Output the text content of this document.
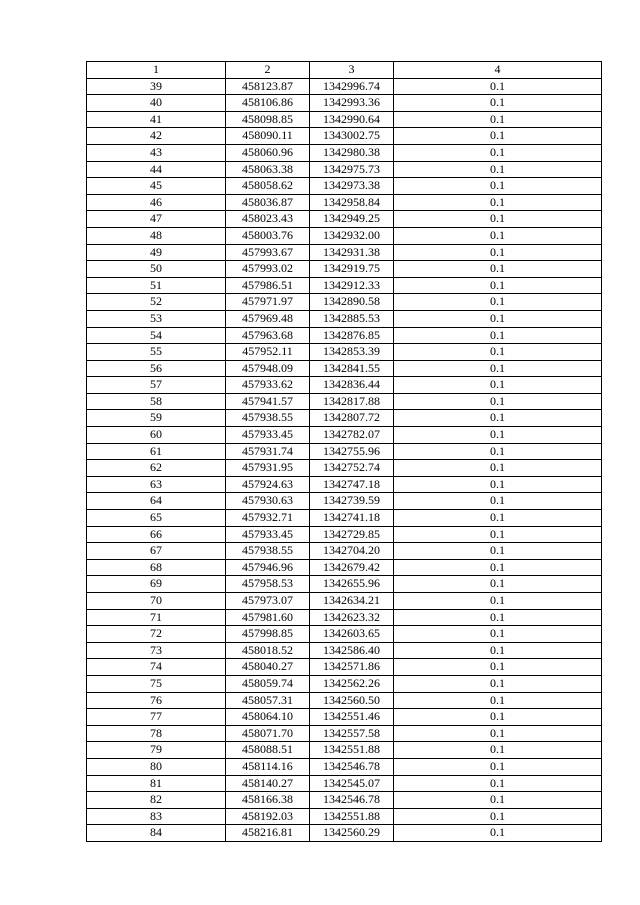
1	2	3	4
39	458123.87	1342996.74	0.1
40	458106.86	1342993.36	0.1
41	458098.85	1342990.64	0.1
42	458090.11	1343002.75	0.1
43	458060.96	1342980.38	0.1
44	458063.38	1342975.73	0.1
45	458058.62	1342973.38	0.1
46	458036.87	1342958.84	0.1
47	458023.43	1342949.25	0.1
48	458003.76	1342932.00	0.1
49	457993.67	1342931.38	0.1
50	457993.02	1342919.75	0.1
51	457986.51	1342912.33	0.1
52	457971.97	1342890.58	0.1
53	457969.48	1342885.53	0.1
54	457963.68	1342876.85	0.1
55	457952.11	1342853.39	0.1
56	457948.09	1342841.55	0.1
57	457933.62	1342836.44	0.1
58	457941.57	1342817.88	0.1
59	457938.55	1342807.72	0.1
60	457933.45	1342782.07	0.1
61	457931.74	1342755.96	0.1
62	457931.95	1342752.74	0.1
63	457924.63	1342747.18	0.1
64	457930.63	1342739.59	0.1
65	457932.71	1342741.18	0.1
66	457933.45	1342729.85	0.1
67	457938.55	1342704.20	0.1
68	457946.96	1342679.42	0.1
69	457958.53	1342655.96	0.1
70	457973.07	1342634.21	0.1
71	457981.60	1342623.32	0.1
72	457998.85	1342603.65	0.1
73	458018.52	1342586.40	0.1
74	458040.27	1342571.86	0.1
75	458059.74	1342562.26	0.1
76	458057.31	1342560.50	0.1
77	458064.10	1342551.46	0.1
78	458071.70	1342557.58	0.1
79	458088.51	1342551.88	0.1
80	458114.16	1342546.78	0.1
81	458140.27	1342545.07	0.1
82	458166.38	1342546.78	0.1
83	458192.03	1342551.88	0.1
84	458216.81	1342560.29	0.1
